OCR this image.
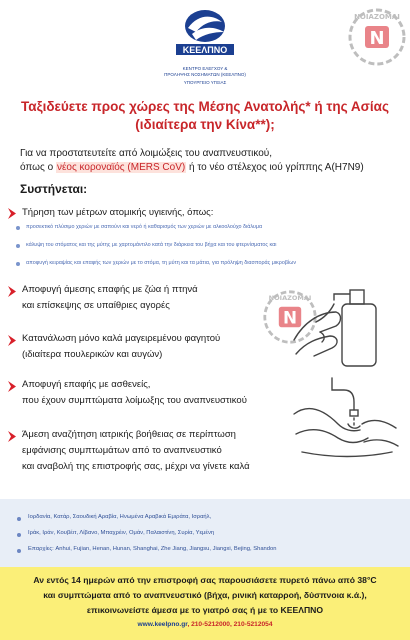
ΚΕΕΛΠΝΟ
ΚΕΝΤΡΟ ΕΛΕΓΧΟΥ &
ΠΡΟΛΗΨΗΣ ΝΟΣΗΜΑΤΩΝ (ΚΕΕΛΠΝΟ)
ΥΠΟΥΡΓΕΙΟ ΥΓΕΙΑΣ
N
ΝΟΙΑΖΟΜΑΙ
Ταξιδεύετε προς χώρες της Μέσης Ανατολής* ή της Ασίας
(ιδιαίτερα την Κίνα**);
Για να προστατευτείτε από λοιμώξεις του αναπνευστικού,
όπως ο νέος κοροναϊός (MERS CoV) ή το νέο στέλεχος ιού γρίππης Α(Η7Ν9)
Συστήνεται:
Τήρηση των μέτρων ατομικής υγιεινής, όπως:
προσεκτικό πλύσιμο χεριών με σαπούνι και νερό ή καθαρισμός των χεριών με αλκοολούχο διάλυμα
κάλυψη του στόματος και της μύτης με χαρτομάντιλο κατά την διάρκεια του βήχα και του φτερνίσματος και
αποφυγή κειραψίας και επαφής των χεριών με το στόμα, τη μύτη και τα μάτια, για πρόληψη διασποράς μικροβίων
Αποφυγή άμεσης επαφής με ζώα ή πτηνά
και επίσκεψης σε υπαίθριες αγορές
N
ΝΟΙΑΖΟΜΑΙ
Κατανάλωση μόνο καλά μαγειρεμένου φαγητού
(ιδιαίτερα πουλερικών και αυγών)
Αποφυγή επαφής με ασθενείς,
που έχουν συμπτώματα λοίμωξης του αναπνευστικού
Άμεση αναζήτηση ιατρικής βοήθειας σε περίπτωση
εμφάνισης συμπτωμάτων από το αναπνευστικό
και αναβολή της επιστροφής σας, μέχρι να γίνετε καλά
Ιορδανία, Κατάρ, Σαουδική Αραβία, Ηνωμένα Αραβικά Εμιράτα, Ισραήλ,
Ιράκ, Ιράν, Κουβέιτ, Λίβανο, Μπαχρέιν, Ομάν, Παλαιστίνη, Συρία, Υεμένη
Επαρχίες: Anhui, Fujian, Henan, Hunan, Shanghai, Zhe Jiang, Jiangsu, Jiangxi, Bejing, Shandon
Αν εντός 14 ημερών από την επιστροφή σας παρουσιάσετε πυρετό πάνω από 38°C
και συμπτώματα από το αναπνευστικό (βήχα, ρινική καταρροή, δύσπνοια κ.ά.),
επικοινωνείστε άμεσα με το γιατρό σας ή με το ΚΕΕΛΠΝΟ
www.keelpno.gr, 210-5212000, 210-5212054
